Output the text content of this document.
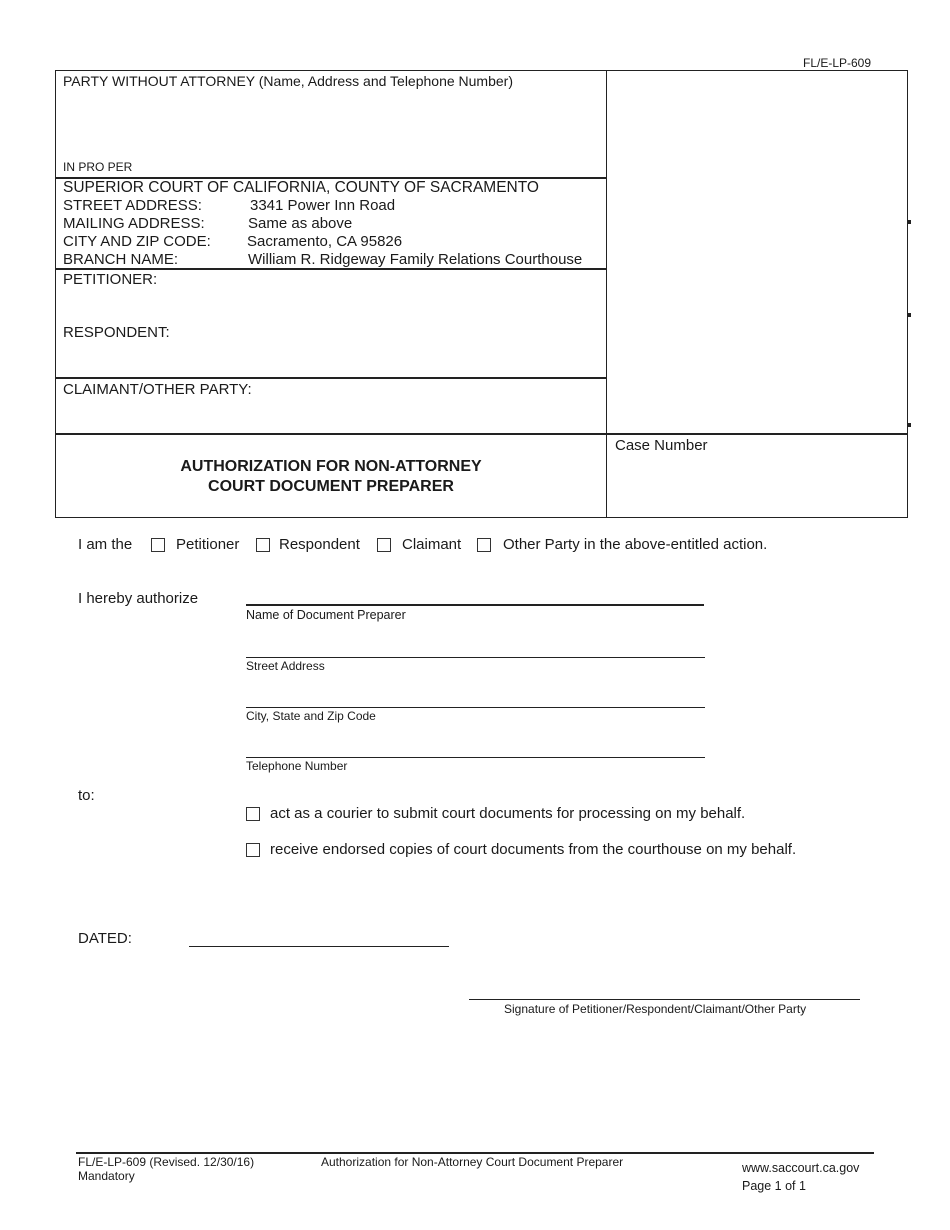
FL/E-LP-609
PARTY WITHOUT ATTORNEY (Name, Address and Telephone Number)
IN PRO PER
SUPERIOR COURT OF CALIFORNIA, COUNTY OF SACRAMENTO
STREET ADDRESS:	3341 Power Inn Road
MAILING ADDRESS:	Same as above
CITY AND ZIP CODE: Sacramento, CA 95826
BRANCH NAME:	William R. Ridgeway Family Relations Courthouse
PETITIONER:
RESPONDENT:
CLAIMANT/OTHER PARTY:
Case Number
AUTHORIZATION FOR NON-ATTORNEY
COURT DOCUMENT PREPARER
I am the	Petitioner	Respondent	Claimant	Other Party in the above-entitled action.
I hereby authorize
Name of Document Preparer
Street Address
City, State and Zip Code
Telephone Number
to:
act as a courier to submit court documents for processing on my behalf.
receive endorsed copies of court documents from the courthouse on my behalf.
DATED:
Signature of Petitioner/Respondent/Claimant/Other Party
FL/E-LP-609 (Revised. 12/30/16)
Mandatory
Authorization for Non-Attorney Court Document Preparer	www.saccourt.ca.gov
Page 1 of 1
